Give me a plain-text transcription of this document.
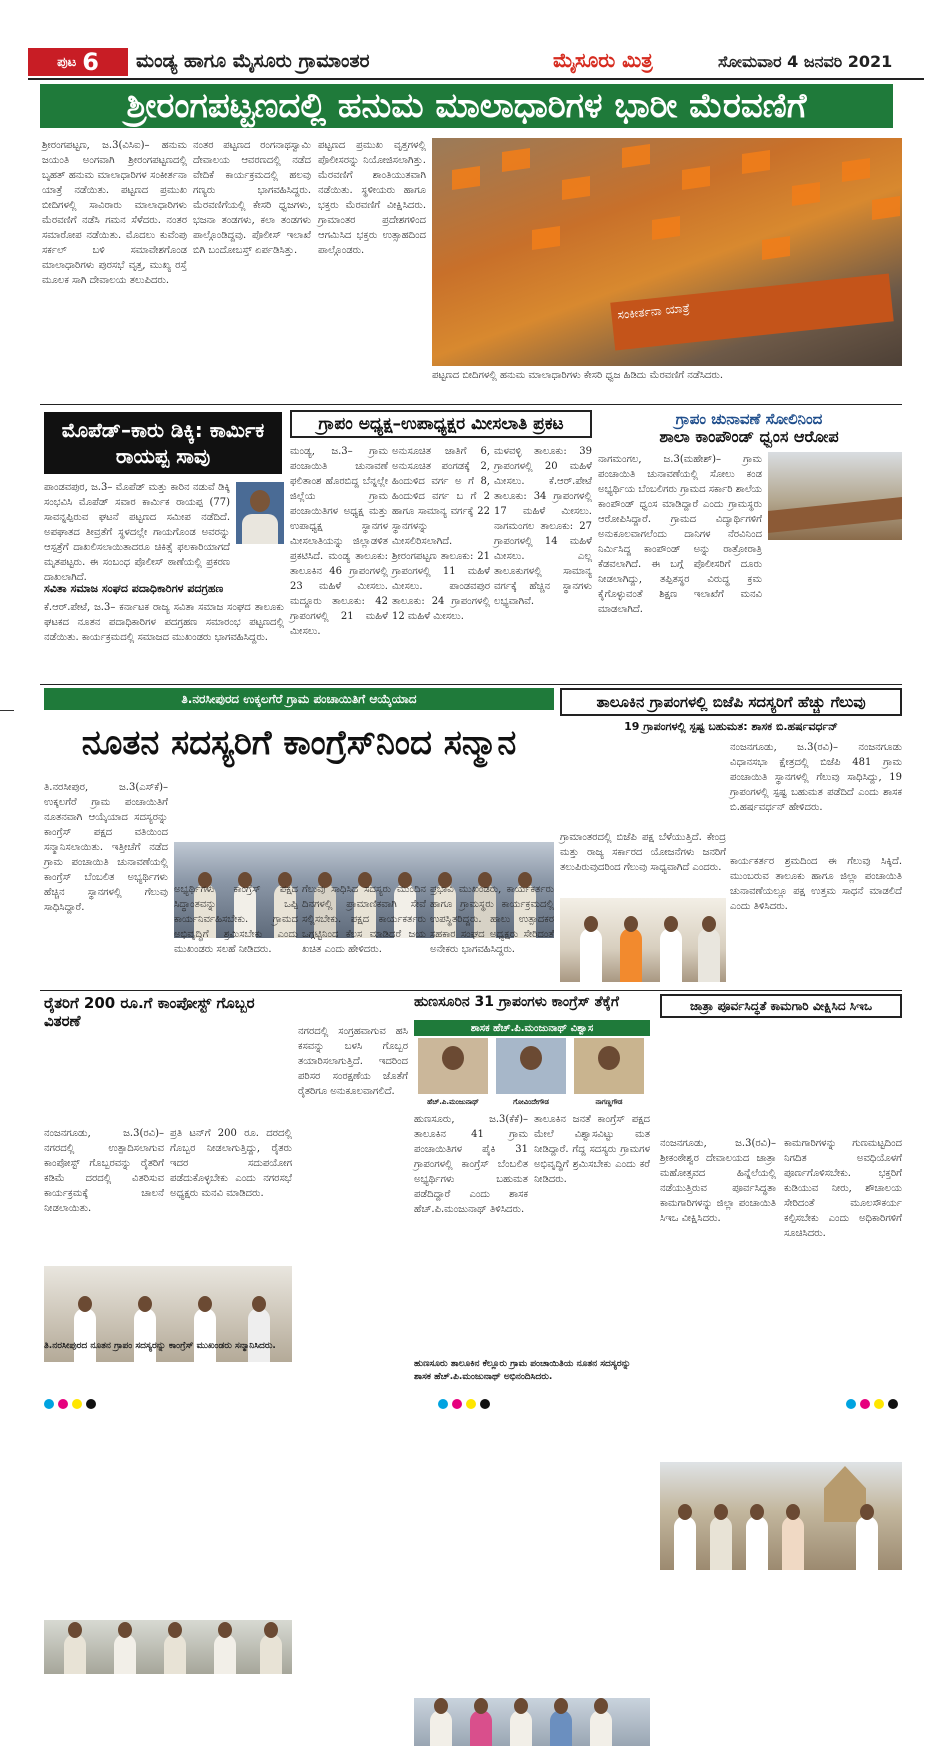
ಪುಟ 6 ಮಂಡ್ಯ ಹಾಗೂ ಮೈಸೂರು ಗ್ರಾಮಾಂತರ	ಮೈಸೂರು ಮಿತ್ರ	ಸೋಮವಾರ 4 ಜನವರಿ 2021
ಶ್ರೀರಂಗಪಟ್ಟಣದಲ್ಲಿ ಹನುಮ ಮಾಲಾಧಾರಿಗಳ ಭಾರೀ ಮೆರವಣಿಗೆ
ಶ್ರೀರಂಗಪಟ್ಟಣ, ಜ.3(ವಿಸಿಐ)– ಹನುಮ ಜಯಂತಿ ಅಂಗವಾಗಿ ಶ್ರೀರಂಗಪಟ್ಟಣದಲ್ಲಿ ಬೃಹತ್ ಹನುಮ ಮಾಲಾಧಾರಿಗಳ ಸಂಕೀರ್ತನಾ ಯಾತ್ರೆ ನಡೆಯಿತು. ಪಟ್ಟಣದ ಪ್ರಮುಖ ಬೀದಿಗಳಲ್ಲಿ ಸಾವಿರಾರು ಮಾಲಾಧಾರಿಗಳು ಮೆರವಣಿಗೆ ನಡೆಸಿ ಗಮನ ಸೆಳೆದರು. ನಂತರ ಸಮಾರೋಪ ನಡೆಯಿತು. ಮೊದಲು ಕುವೆಂಪು ಸರ್ಕಲ್ ಬಳಿ ಸಮಾವೇಶಗೊಂಡ ಮಾಲಾಧಾರಿಗಳು ಪುರಸಭೆ ವೃತ್ತ, ಮುಖ್ಯ ರಸ್ತೆ ಮೂಲಕ ಸಾಗಿ ದೇವಾಲಯ ತಲುಪಿದರು.
ನಂತರ ಪಟ್ಟಣದ ರಂಗನಾಥಸ್ವಾಮಿ ದೇವಾಲಯ ಆವರಣದಲ್ಲಿ ನಡೆದ ವೇದಿಕೆ ಕಾರ್ಯಕ್ರಮದಲ್ಲಿ ಹಲವು ಗಣ್ಯರು ಭಾಗವಹಿಸಿದ್ದರು. ಮೆರವಣಿಗೆಯಲ್ಲಿ ಕೇಸರಿ ಧ್ವಜಗಳು, ಭಜನಾ ತಂಡಗಳು, ಕಲಾ ತಂಡಗಳು ಪಾಲ್ಗೊಂಡಿದ್ದವು. ಪೊಲೀಸ್ ಇಲಾಖೆ ಬಿಗಿ ಬಂದೋಬಸ್ತ್ ಏರ್ಪಡಿಸಿತ್ತು.
ಪಟ್ಟಣದ ಪ್ರಮುಖ ವೃತ್ತಗಳಲ್ಲಿ ಪೊಲೀಸರನ್ನು ನಿಯೋಜಿಸಲಾಗಿತ್ತು. ಮೆರವಣಿಗೆ ಶಾಂತಿಯುತವಾಗಿ ನಡೆಯಿತು. ಸ್ಥಳೀಯರು ಹಾಗೂ ಭಕ್ತರು ಮೆರವಣಿಗೆ ವೀಕ್ಷಿಸಿದರು. ಗ್ರಾಮಾಂತರ ಪ್ರದೇಶಗಳಿಂದ ಆಗಮಿಸಿದ ಭಕ್ತರು ಉತ್ಸಾಹದಿಂದ ಪಾಲ್ಗೊಂಡರು.
ಸಂಕೀರ್ತನಾ ಯಾತ್ರೆ
ಪಟ್ಟಣದ ಬೀದಿಗಳಲ್ಲಿ ಹನುಮ ಮಾಲಾಧಾರಿಗಳು ಕೇಸರಿ ಧ್ವಜ ಹಿಡಿದು ಮೆರವಣಿಗೆ ನಡೆಸಿದರು.
ಮೊಪೆಡ್–ಕಾರು ಡಿಕ್ಕಿ: ಕಾರ್ಮಿಕ ರಾಯಪ್ಪ ಸಾವು
ಪಾಂಡವಪುರ, ಜ.3– ಮೊಪೆಡ್ ಮತ್ತು ಕಾರಿನ ನಡುವೆ ಡಿಕ್ಕಿ ಸಂಭವಿಸಿ ಮೊಪೆಡ್ ಸವಾರ ಕಾರ್ಮಿಕ ರಾಯಪ್ಪ (77) ಸಾವನ್ನಪ್ಪಿರುವ ಘಟನೆ ಪಟ್ಟಣದ ಸಮೀಪ ನಡೆದಿದೆ. ಅಪಘಾತದ ತೀವ್ರತೆಗೆ ಸ್ಥಳದಲ್ಲೇ ಗಾಯಗೊಂಡ ಅವರನ್ನು ಆಸ್ಪತ್ರೆಗೆ ದಾಖಲಿಸಲಾಯಿತಾದರೂ ಚಿಕಿತ್ಸೆ ಫಲಕಾರಿಯಾಗದೆ ಮೃತಪಟ್ಟರು. ಈ ಸಂಬಂಧ ಪೊಲೀಸ್ ಠಾಣೆಯಲ್ಲಿ ಪ್ರಕರಣ ದಾಖಲಾಗಿದೆ.
ಸವಿತಾ ಸಮಾಜ ಸಂಘದ ಪದಾಧಿಕಾರಿಗಳ ಪದಗ್ರಹಣ
ಕೆ.ಆರ್.ಪೇಟೆ, ಜ.3– ಕರ್ನಾಟಕ ರಾಜ್ಯ ಸವಿತಾ ಸಮಾಜ ಸಂಘದ ತಾಲೂಕು ಘಟಕದ ನೂತನ ಪದಾಧಿಕಾರಿಗಳ ಪದಗ್ರಹಣ ಸಮಾರಂಭ ಪಟ್ಟಣದಲ್ಲಿ ನಡೆಯಿತು. ಕಾರ್ಯಕ್ರಮದಲ್ಲಿ ಸಮಾಜದ ಮುಖಂಡರು ಭಾಗವಹಿಸಿದ್ದರು.
ಗ್ರಾಪಂ ಅಧ್ಯಕ್ಷ–ಉಪಾಧ್ಯಕ್ಷರ ಮೀಸಲಾತಿ ಪ್ರಕಟ
ಮಂಡ್ಯ, ಜ.3– ಗ್ರಾಮ ಪಂಚಾಯಿತಿ ಚುನಾವಣೆ ಫಲಿತಾಂಶ ಹೊರಬಿದ್ದ ಬೆನ್ನಲ್ಲೇ ಜಿಲ್ಲೆಯ ಗ್ರಾಮ ಪಂಚಾಯಿತಿಗಳ ಅಧ್ಯಕ್ಷ ಮತ್ತು ಉಪಾಧ್ಯಕ್ಷ ಸ್ಥಾನಗಳ ಮೀಸಲಾತಿಯನ್ನು ಜಿಲ್ಲಾಡಳಿತ ಪ್ರಕಟಿಸಿದೆ. ಮಂಡ್ಯ ತಾಲೂಕು: ತಾಲೂಕಿನ 46 ಗ್ರಾಪಂಗಳಲ್ಲಿ 23 ಮಹಿಳೆ ಮೀಸಲು. ಮದ್ದೂರು ತಾಲೂಕು: 42 ಗ್ರಾಪಂಗಳಲ್ಲಿ 21 ಮಹಿಳೆ ಮೀಸಲು.
ಅನುಸೂಚಿತ ಜಾತಿಗೆ 6, ಅನುಸೂಚಿತ ಪಂಗಡಕ್ಕೆ 2, ಹಿಂದುಳಿದ ವರ್ಗ ಅ ಗೆ 8, ಹಿಂದುಳಿದ ವರ್ಗ ಬ ಗೆ 2 ಹಾಗೂ ಸಾಮಾನ್ಯ ವರ್ಗಕ್ಕೆ 22 ಸ್ಥಾನಗಳನ್ನು ಮೀಸಲಿರಿಸಲಾಗಿದೆ. ಶ್ರೀರಂಗಪಟ್ಟಣ ತಾಲೂಕು: 21 ಗ್ರಾಪಂಗಳಲ್ಲಿ 11 ಮಹಿಳೆ ಮೀಸಲು. ಪಾಂಡವಪುರ ತಾಲೂಕು: 24 ಗ್ರಾಪಂಗಳಲ್ಲಿ 12 ಮಹಿಳೆ ಮೀಸಲು.
ಮಳವಳ್ಳಿ ತಾಲೂಕು: 39 ಗ್ರಾಪಂಗಳಲ್ಲಿ 20 ಮಹಿಳೆ ಮೀಸಲು. ಕೆ.ಆರ್.ಪೇಟೆ ತಾಲೂಕು: 34 ಗ್ರಾಪಂಗಳಲ್ಲಿ 17 ಮಹಿಳೆ ಮೀಸಲು. ನಾಗಮಂಗಲ ತಾಲೂಕು: 27 ಗ್ರಾಪಂಗಳಲ್ಲಿ 14 ಮಹಿಳೆ ಮೀಸಲು. ಎಲ್ಲ ತಾಲೂಕುಗಳಲ್ಲಿ ಸಾಮಾನ್ಯ ವರ್ಗಕ್ಕೆ ಹೆಚ್ಚಿನ ಸ್ಥಾನಗಳು ಲಭ್ಯವಾಗಿವೆ.
ಗ್ರಾಪಂ ಚುನಾವಣೆ ಸೋಲಿನಿಂದ
ಶಾಲಾ ಕಾಂಪೌಂಡ್ ಧ್ವಂಸ ಆರೋಪ
ನಾಗಮಂಗಲ, ಜ.3(ಮಹೇಶ್)– ಗ್ರಾಮ ಪಂಚಾಯಿತಿ ಚುನಾವಣೆಯಲ್ಲಿ ಸೋಲು ಕಂಡ ಅಭ್ಯರ್ಥಿಯ ಬೆಂಬಲಿಗರು ಗ್ರಾಮದ ಸರ್ಕಾರಿ ಶಾಲೆಯ ಕಾಂಪೌಂಡ್ ಧ್ವಂಸ ಮಾಡಿದ್ದಾರೆ ಎಂದು ಗ್ರಾಮಸ್ಥರು ಆರೋಪಿಸಿದ್ದಾರೆ. ಗ್ರಾಮದ ವಿದ್ಯಾರ್ಥಿಗಳಿಗೆ ಅನುಕೂಲವಾಗಲೆಂದು ದಾನಿಗಳ ನೆರವಿನಿಂದ ನಿರ್ಮಿಸಿದ್ದ ಕಾಂಪೌಂಡ್ ಅನ್ನು ರಾತ್ರೋರಾತ್ರಿ ಕೆಡವಲಾಗಿದೆ. ಈ ಬಗ್ಗೆ ಪೊಲೀಸರಿಗೆ ದೂರು ನೀಡಲಾಗಿದ್ದು, ತಪ್ಪಿತಸ್ಥರ ವಿರುದ್ಧ ಕ್ರಮ ಕೈಗೊಳ್ಳುವಂತೆ ಶಿಕ್ಷಣ ಇಲಾಖೆಗೆ ಮನವಿ ಮಾಡಲಾಗಿದೆ.
ತಿ.ನರಸೀಪುರದ ಉಕ್ಕಲಗೆರೆ ಗ್ರಾಮ ಪಂಚಾಯಿತಿಗೆ ಆಯ್ಕೆಯಾದ
ನೂತನ ಸದಸ್ಯರಿಗೆ ಕಾಂಗ್ರೆಸ್‌ನಿಂದ ಸನ್ಮಾನ
ತಿ.ನರಸೀಪುರ, ಜ.3(ಎಸ್‌ಕೆ)– ಉಕ್ಕಲಗೆರೆ ಗ್ರಾಮ ಪಂಚಾಯಿತಿಗೆ ನೂತನವಾಗಿ ಆಯ್ಕೆಯಾದ ಸದಸ್ಯರನ್ನು ಕಾಂಗ್ರೆಸ್ ಪಕ್ಷದ ವತಿಯಿಂದ ಸನ್ಮಾನಿಸಲಾಯಿತು. ಇತ್ತೀಚೆಗೆ ನಡೆದ ಗ್ರಾಮ ಪಂಚಾಯಿತಿ ಚುನಾವಣೆಯಲ್ಲಿ ಕಾಂಗ್ರೆಸ್ ಬೆಂಬಲಿತ ಅಭ್ಯರ್ಥಿಗಳು ಹೆಚ್ಚಿನ ಸ್ಥಾನಗಳಲ್ಲಿ ಗೆಲುವು ಸಾಧಿಸಿದ್ದಾರೆ.
ಅಭ್ಯರ್ಥಿಗಳು ಕಾಂಗ್ರೆಸ್ ಪಕ್ಷದ ಸಿದ್ಧಾಂತವನ್ನು ಒಪ್ಪಿ ಕಾರ್ಯನಿರ್ವಹಿಸಬೇಕು. ಗ್ರಾಮದ ಅಭಿವೃದ್ಧಿಗೆ ಶ್ರಮಿಸಬೇಕು ಎಂದು ಮುಖಂಡರು ಸಲಹೆ ನೀಡಿದರು.
ಗೆಲುವು ಸಾಧಿಸಿದ ಸದಸ್ಯರು ಮುಂದಿನ ದಿನಗಳಲ್ಲಿ ಪ್ರಾಮಾಣಿಕವಾಗಿ ಸೇವೆ ಸಲ್ಲಿಸಬೇಕು. ಪಕ್ಷದ ಕಾರ್ಯಕರ್ತರು ಒಗ್ಗಟ್ಟಿನಿಂದ ಕೆಲಸ ಮಾಡಿದರೆ ಜಯ ಖಚಿತ ಎಂದು ಹೇಳಿದರು.
ಪ್ರಭಾವಿ ಮುಖಂಡರು, ಕಾರ್ಯಕರ್ತರು ಹಾಗೂ ಗ್ರಾಮಸ್ಥರು ಕಾರ್ಯಕ್ರಮದಲ್ಲಿ ಉಪಸ್ಥಿತರಿದ್ದರು. ಹಾಲು ಉತ್ಪಾದಕರ ಸಹಕಾರ ಸಂಘದ ಅಧ್ಯಕ್ಷರು ಸೇರಿದಂತೆ ಅನೇಕರು ಭಾಗವಹಿಸಿದ್ದರು.
ತಾಲೂಕಿನ ಗ್ರಾಪಂಗಳಲ್ಲಿ ಬಿಜೆಪಿ ಸದಸ್ಯರಿಗೆ ಹೆಚ್ಚು ಗೆಲುವು
19 ಗ್ರಾಪಂಗಳಲ್ಲಿ ಸ್ಪಷ್ಟ ಬಹುಮತ: ಶಾಸಕ ಬಿ.ಹರ್ಷವರ್ಧನ್
ನಂಜನಗೂಡು, ಜ.3(ರವಿ)– ನಂಜನಗೂಡು ವಿಧಾನಸಭಾ ಕ್ಷೇತ್ರದಲ್ಲಿ ಬಿಜೆಪಿ 481 ಗ್ರಾಮ ಪಂಚಾಯಿತಿ ಸ್ಥಾನಗಳಲ್ಲಿ ಗೆಲುವು ಸಾಧಿಸಿದ್ದು, 19 ಗ್ರಾಪಂಗಳಲ್ಲಿ ಸ್ಪಷ್ಟ ಬಹುಮತ ಪಡೆದಿದೆ ಎಂದು ಶಾಸಕ ಬಿ.ಹರ್ಷವರ್ಧನ್ ಹೇಳಿದರು.
ಗ್ರಾಮಾಂತರದಲ್ಲಿ ಬಿಜೆಪಿ ಪಕ್ಷ ಬೆಳೆಯುತ್ತಿದೆ. ಕೇಂದ್ರ ಮತ್ತು ರಾಜ್ಯ ಸರ್ಕಾರದ ಯೋಜನೆಗಳು ಜನರಿಗೆ ತಲುಪಿರುವುದರಿಂದ ಗೆಲುವು ಸಾಧ್ಯವಾಗಿದೆ ಎಂದರು.
ಕಾರ್ಯಕರ್ತರ ಶ್ರಮದಿಂದ ಈ ಗೆಲುವು ಸಿಕ್ಕಿದೆ. ಮುಂಬರುವ ತಾಲೂಕು ಹಾಗೂ ಜಿಲ್ಲಾ ಪಂಚಾಯಿತಿ ಚುನಾವಣೆಯಲ್ಲೂ ಪಕ್ಷ ಉತ್ತಮ ಸಾಧನೆ ಮಾಡಲಿದೆ ಎಂದು ತಿಳಿಸಿದರು.
ರೈತರಿಗೆ 200 ರೂ.ಗೆ ಕಾಂಪೋಸ್ಟ್ ಗೊಬ್ಬರ ವಿತರಣೆ
ನಂಜನಗೂಡು, ಜ.3(ರವಿ)– ನಗರದಲ್ಲಿ ಉತ್ಪಾದಿಸಲಾಗುವ ಕಾಂಪೋಸ್ಟ್ ಗೊಬ್ಬರವನ್ನು ರೈತರಿಗೆ ಕಡಿಮೆ ದರದಲ್ಲಿ ವಿತರಿಸುವ ಕಾರ್ಯಕ್ರಮಕ್ಕೆ ಚಾಲನೆ ನೀಡಲಾಯಿತು.
ಪ್ರತಿ ಟನ್‌ಗೆ 200 ರೂ. ದರದಲ್ಲಿ ಗೊಬ್ಬರ ನೀಡಲಾಗುತ್ತಿದ್ದು, ರೈತರು ಇದರ ಸದುಪಯೋಗ ಪಡೆದುಕೊಳ್ಳಬೇಕು ಎಂದು ನಗರಸಭೆ ಅಧ್ಯಕ್ಷರು ಮನವಿ ಮಾಡಿದರು.
ನಗರದಲ್ಲಿ ಸಂಗ್ರಹವಾಗುವ ಹಸಿ ಕಸವನ್ನು ಬಳಸಿ ಗೊಬ್ಬರ ತಯಾರಿಸಲಾಗುತ್ತಿದೆ. ಇದರಿಂದ ಪರಿಸರ ಸಂರಕ್ಷಣೆಯ ಜೊತೆಗೆ ರೈತರಿಗೂ ಅನುಕೂಲವಾಗಲಿದೆ.
ತಿ.ನರಸೀಪುರದ ನೂತನ ಗ್ರಾಪಂ ಸದಸ್ಯರನ್ನು ಕಾಂಗ್ರೆಸ್ ಮುಖಂಡರು ಸನ್ಮಾನಿಸಿದರು.
ಹುಣಸೂರಿನ 31 ಗ್ರಾಪಂಗಳು ಕಾಂಗ್ರೆಸ್ ತೆಕ್ಕೆಗೆ
ಶಾಸಕ ಹೆಚ್.ಪಿ.ಮಂಜುನಾಥ್ ವಿಶ್ವಾಸ
ಹೆಚ್.ಪಿ.ಮಂಜುನಾಥ್	ಗೋವಿಂದೇಗೌಡ	ನಾಗಣ್ಣಗೌಡ
ಹುಣಸೂರು, ಜ.3(ಕೆಕೆ)– ತಾಲೂಕಿನ 41 ಗ್ರಾಮ ಪಂಚಾಯಿತಿಗಳ ಪೈಕಿ 31 ಗ್ರಾಪಂಗಳಲ್ಲಿ ಕಾಂಗ್ರೆಸ್ ಬೆಂಬಲಿತ ಅಭ್ಯರ್ಥಿಗಳು ಬಹುಮತ ಪಡೆದಿದ್ದಾರೆ ಎಂದು ಶಾಸಕ ಹೆಚ್.ಪಿ.ಮಂಜುನಾಥ್ ತಿಳಿಸಿದರು.
ತಾಲೂಕಿನ ಜನತೆ ಕಾಂಗ್ರೆಸ್ ಪಕ್ಷದ ಮೇಲೆ ವಿಶ್ವಾಸವಿಟ್ಟು ಮತ ನೀಡಿದ್ದಾರೆ. ಗೆದ್ದ ಸದಸ್ಯರು ಗ್ರಾಮಗಳ ಅಭಿವೃದ್ಧಿಗೆ ಶ್ರಮಿಸಬೇಕು ಎಂದು ಕರೆ ನೀಡಿದರು.
ಹುಣಸೂರು ತಾಲೂಕಿನ ಕೆಲ್ಲೂರು ಗ್ರಾಮ ಪಂಚಾಯಿತಿಯ ನೂತನ ಸದಸ್ಯರನ್ನು ಶಾಸಕ ಹೆಚ್.ಪಿ.ಮಂಜುನಾಥ್ ಅಭಿನಂದಿಸಿದರು.
ಜಾತ್ರಾ ಪೂರ್ವಸಿದ್ಧತೆ ಕಾಮಗಾರಿ ವೀಕ್ಷಿಸಿದ ಸಿಇಒ
ನಂಜನಗೂಡು, ಜ.3(ರವಿ)– ಶ್ರೀಕಂಠೇಶ್ವರ ದೇವಾಲಯದ ಜಾತ್ರಾ ಮಹೋತ್ಸವದ ಹಿನ್ನೆಲೆಯಲ್ಲಿ ನಡೆಯುತ್ತಿರುವ ಪೂರ್ವಸಿದ್ಧತಾ ಕಾಮಗಾರಿಗಳನ್ನು ಜಿಲ್ಲಾ ಪಂಚಾಯಿತಿ ಸಿಇಒ ವೀಕ್ಷಿಸಿದರು.
ಕಾಮಗಾರಿಗಳನ್ನು ಗುಣಮಟ್ಟದಿಂದ ನಿಗದಿತ ಅವಧಿಯೊಳಗೆ ಪೂರ್ಣಗೊಳಿಸಬೇಕು. ಭಕ್ತರಿಗೆ ಕುಡಿಯುವ ನೀರು, ಶೌಚಾಲಯ ಸೇರಿದಂತೆ ಮೂಲಸೌಕರ್ಯ ಕಲ್ಪಿಸಬೇಕು ಎಂದು ಅಧಿಕಾರಿಗಳಿಗೆ ಸೂಚಿಸಿದರು.
